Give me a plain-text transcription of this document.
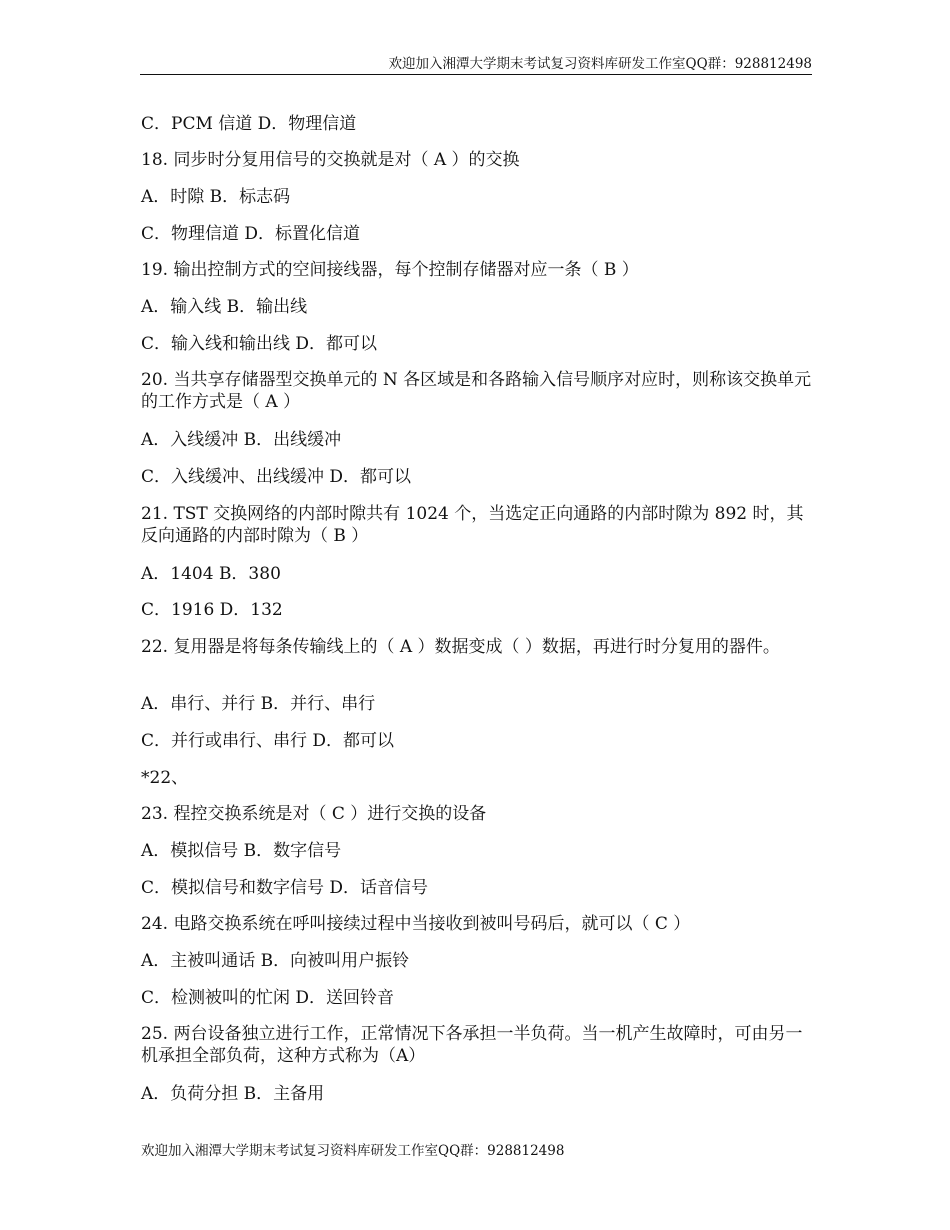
欢迎加入湘潭大学期末考试复习资料库研发工作室QQ群：928812498
C．PCM 信道 D．物理信道
18. 同步时分复用信号的交换就是对（ A ）的交换
A．时隙 B．标志码
C．物理信道 D．标置化信道
19. 输出控制方式的空间接线器，每个控制存储器对应一条（ B ）
A．输入线 B．输出线
C．输入线和输出线 D．都可以
20. 当共享存储器型交换单元的 N 各区域是和各路输入信号顺序对应时，则称该交换单元的工作方式是（ A ）
A．入线缓冲 B．出线缓冲
C．入线缓冲、出线缓冲 D．都可以
21. TST 交换网络的内部时隙共有 1024 个，当选定正向通路的内部时隙为 892 时，其反向通路的内部时隙为（ B ）
A．1404 B．380
C．1916 D．132
22. 复用器是将每条传输线上的（ A ）数据变成（ ）数据，再进行时分复用的器件。
A．串行、并行 B．并行、串行
C．并行或串行、串行 D．都可以
*22、
23. 程控交换系统是对（ C ）进行交换的设备
A．模拟信号 B．数字信号
C．模拟信号和数字信号 D．话音信号
24. 电路交换系统在呼叫接续过程中当接收到被叫号码后，就可以（ C ）
A．主被叫通话 B．向被叫用户振铃
C．检测被叫的忙闲 D．送回铃音
25. 两台设备独立进行工作，正常情况下各承担一半负荷。当一机产生故障时，可由另一机承担全部负荷，这种方式称为（A）
A．负荷分担 B．主备用
欢迎加入湘潭大学期末考试复习资料库研发工作室QQ群：928812498
